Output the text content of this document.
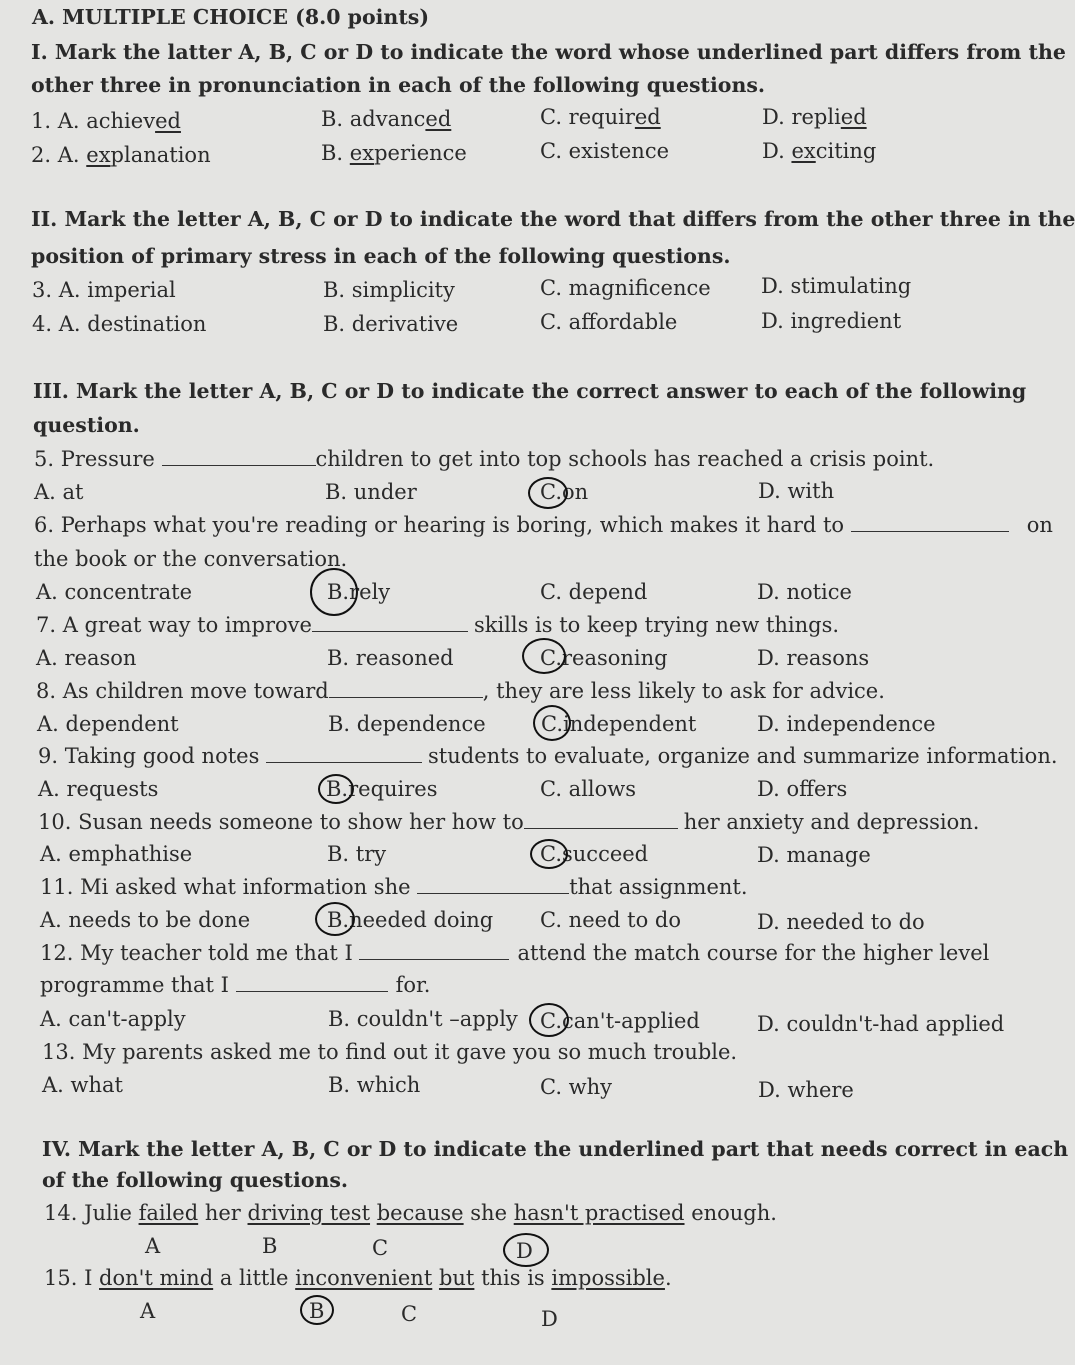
A. MULTIPLE CHOICE (8.0 points)
I. Mark the latter A, B, C or D to indicate the word whose underlined part differs from the
other three in pronunciation in each of the following questions.
1. A. achieved	B. advanced	C. required	D. replied
2. A. explanation	B. experience	C. existence	D. exciting
II. Mark the letter A, B, C or D to indicate the word that differs from the other three in the
position of primary stress in each of the following questions.
3. A. imperial	B. simplicity	C. magnificence D. stimulating
4. A. destination	B. derivative	C. affordable	D. ingredient
III. Mark the letter A, B, C or D to indicate the correct answer to each of the following
question.
5. Pressure	children to get into top schools has reached a crisis point.
A. at	B. under	C.on	D. with
6. Perhaps what you're reading or hearing is boring, which makes it hard to	on
the book or the conversation.
A. concentrate	B.rely	C. depend	D. notice
7. A great way to improve	skills is to keep trying new things.
A. reason	B. reasoned	C.reasoning	D. reasons
8. As children move toward	, they are less likely to ask for advice.
A. dependent	B. dependence	C.independent	D. independence
9. Taking good notes	students to evaluate, organize and summarize information.
A. requests	B.requires	C. allows	D. offers
10. Susan needs someone to show her how to	her anxiety and depression.
A. emphathise	B. try	C.succeed	D. manage
11. Mi asked what information she	that assignment.
A. needs to be done	B.needed doing C. need to do	D. needed to do
12. My teacher told me that I	attend the match course for the higher level
programme that I	for.
A. can't-apply	B. couldn't –apply C.can't-applied	D. couldn't-had applied
13. My parents asked me to find out it gave you so much trouble.
A. what	B. which	C. why	D. where
IV. Mark the letter A, B, C or D to indicate the underlined part that needs correct in each
of the following questions.
14. Julie failed her driving test because she hasn't practised enough.
A	B	C	D
15. I don't mind a little inconvenient but this is impossible.
A	B	C	D
